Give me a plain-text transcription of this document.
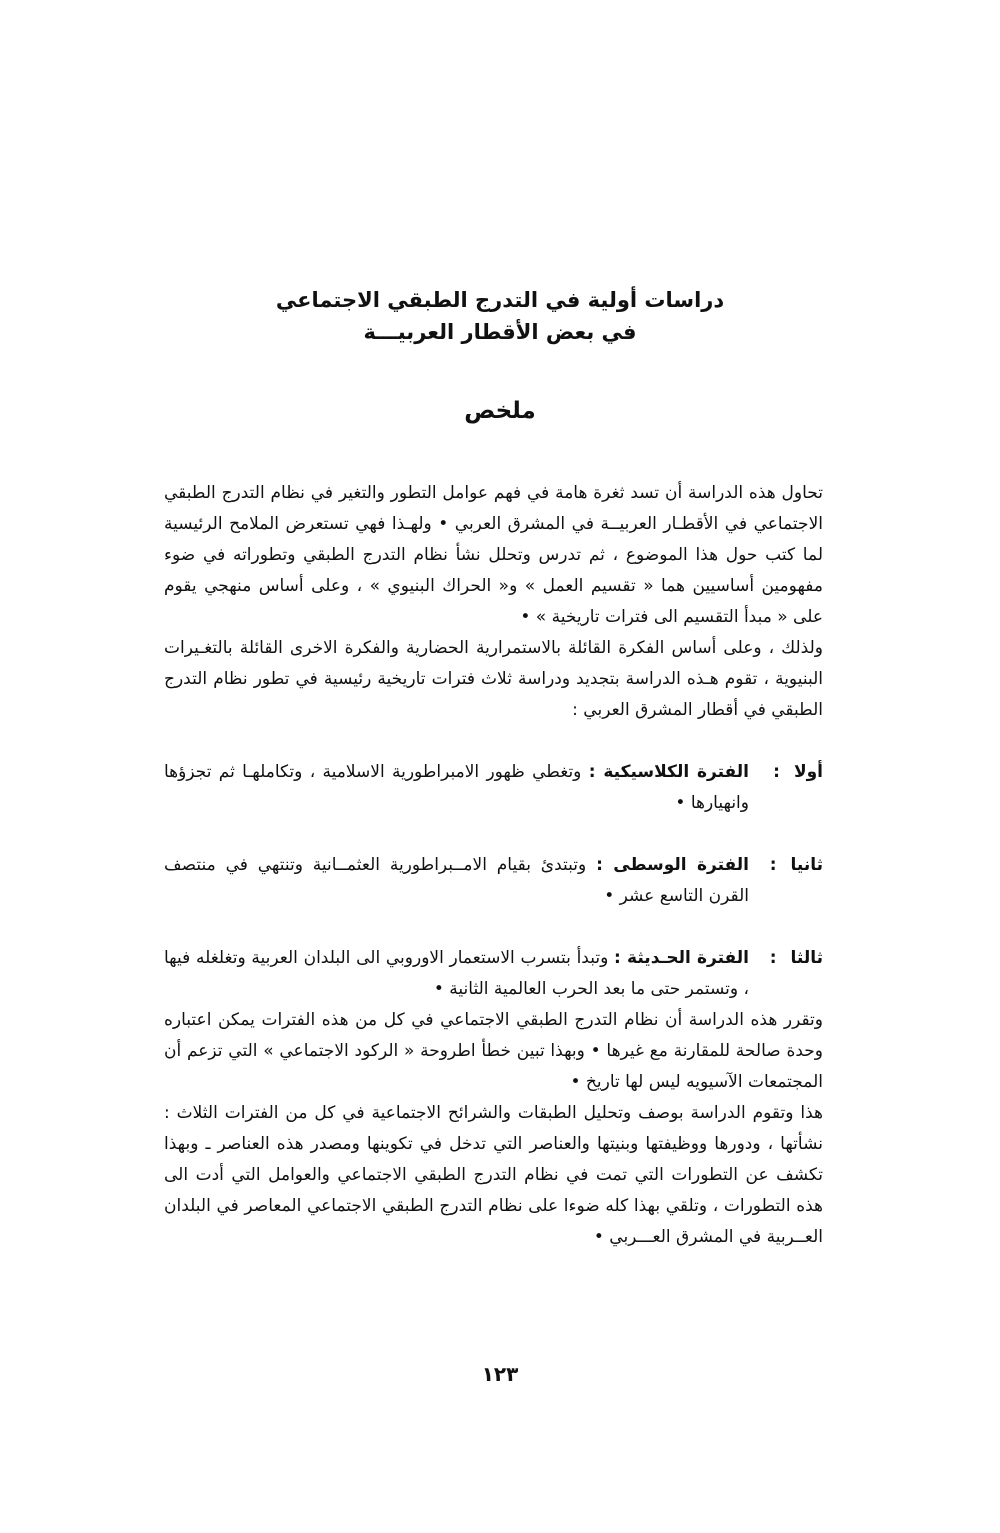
دراسات أولية في التدرج الطبقي الاجتماعي

في بعض الأقطار العربيـــة

ملخص

تحاول هذه الدراسة أن تسد ثغرة هامة في فهم عوامل التطور والتغير في نظام التدرج الطبقي الاجتماعي في الأقطـار العربيــة في المشرق العربي • ولهـذا فهي تستعرض الملامح الرئيسية لما كتب حول هذا الموضوع ، ثم تدرس وتحلل نشأ نظام التدرج الطبقي وتطوراته في ضوء مفهومين أساسيين هما « تقسيم العمل » و« الحراك البنيوي » ، وعلى أساس منهجي يقوم على « مبدأ التقسيم الى فترات تاريخية » •

ولذلك ، وعلى أساس الفكرة القائلة بالاستمرارية الحضارية والفكرة الاخرى القائلة بالتغـيرات البنيوية ، تقوم هـذه الدراسة بتجديد ودراسة ثلاث فترات تاريخية رئيسية في تطور نظام التدرج الطبقي في أقطار المشرق العربي :

أولا:
الفترة الكلاسيكية : وتغطي ظهور الامبراطورية الاسلامية ، وتكاملهـا ثم تجزؤها وانهيارها •
ثانيا:
الفترة الوسطى : وتبتدئ بقيام الامــبراطورية العثمــانية وتنتهي في منتصف القرن التاسع عشر •
ثالثا:
الفترة الحـديثة : وتبدأ بتسرب الاستعمار الاوروبي الى البلدان العربية وتغلغله فيها ، وتستمر حتى ما بعد الحرب العالمية الثانية •

وتقرر هذه الدراسة أن نظام التدرج الطبقي الاجتماعي في كل من هذه الفترات يمكن اعتباره وحدة صالحة للمقارنة مع غيرها • وبهذا تبين خطأ اطروحة « الركود الاجتماعي » التي تزعم أن المجتمعات الآسيويه ليس لها تاريخ •

هذا وتقوم الدراسة بوصف وتحليل الطبقات والشرائح الاجتماعية في كل من الفترات الثلاث : نشأتها ، ودورها ووظيفتها وبنيتها والعناصر التي تدخل في تكوينها ومصدر هذه العناصر ـ وبهذا تكشف عن التطورات التي تمت في نظام التدرج الطبقي الاجتماعي والعوامل التي أدت الى هذه التطورات ، وتلقي بهذا كله ضوءا على نظام التدرج الطبقي الاجتماعي المعاصر في البلدان العــربية في المشرق العـــربي •

١٢٣
